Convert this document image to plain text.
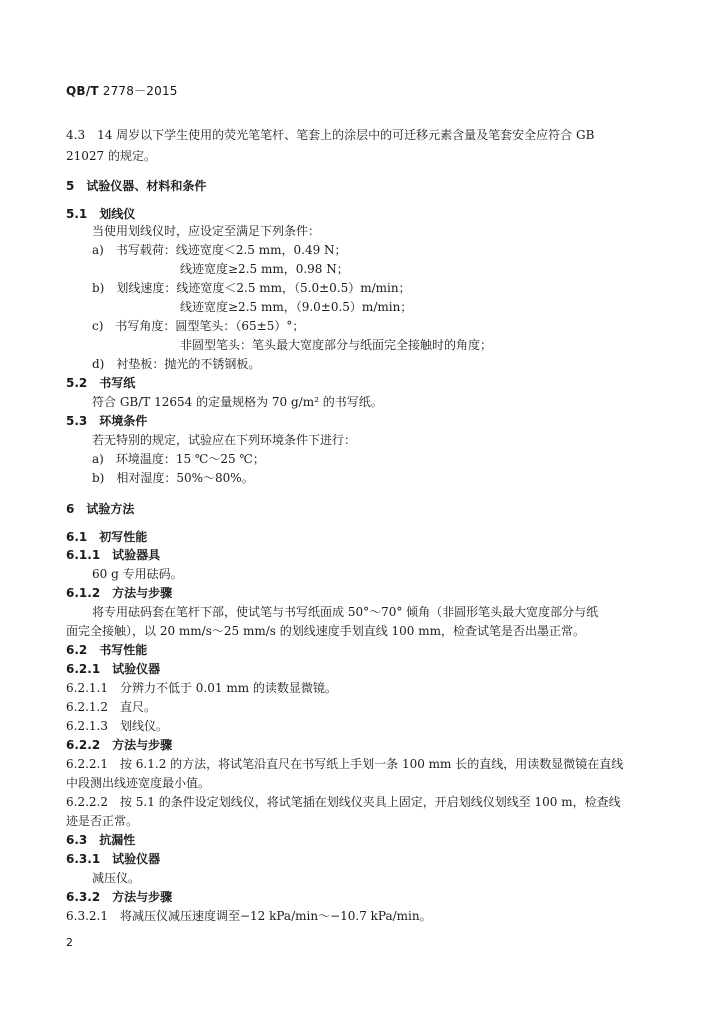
QB/T 2778－2015
4.3　14 周岁以下学生使用的荧光笔笔杆、笔套上的涂层中的可迁移元素含量及笔套安全应符合 GB
21027 的规定。
5　试验仪器、材料和条件
5.1　划线仪
当使用划线仪时，应设定至满足下列条件：
a)　书写载荷：线迹宽度＜2.5 mm，0.49 N；
线迹宽度≥2.5 mm，0.98 N；
b)　划线速度：线迹宽度＜2.5 mm，（5.0±0.5）m/min；
线迹宽度≥2.5 mm，（9.0±0.5）m/min；
c)　书写角度：圆型笔头：（65±5）°；
非圆型笔头：笔头最大宽度部分与纸面完全接触时的角度；
d)　衬垫板：抛光的不锈钢板。
5.2　书写纸
符合 GB/T 12654 的定量规格为 70 g/m² 的书写纸。
5.3　环境条件
若无特别的规定，试验应在下列环境条件下进行：
a)　环境温度：15 ℃～25 ℃；
b)　相对湿度：50%～80%。
6　试验方法
6.1　初写性能
6.1.1　试验器具
60 g 专用砝码。
6.1.2　方法与步骤
将专用砝码套在笔杆下部，使试笔与书写纸面成 50°～70° 倾角（非圆形笔头最大宽度部分与纸
面完全接触），以 20 mm/s～25 mm/s 的划线速度手划直线 100 mm，检查试笔是否出墨正常。
6.2　书写性能
6.2.1　试验仪器
6.2.1.1　分辨力不低于 0.01 mm 的读数显微镜。
6.2.1.2　直尺。
6.2.1.3　划线仪。
6.2.2　方法与步骤
6.2.2.1　按 6.1.2 的方法，将试笔沿直尺在书写纸上手划一条 100 mm 长的直线，用读数显微镜在直线
中段测出线迹宽度最小值。
6.2.2.2　按 5.1 的条件设定划线仪，将试笔插在划线仪夹具上固定，开启划线仪划线至 100 m，检查线
迹是否正常。
6.3　抗漏性
6.3.1　试验仪器
减压仪。
6.3.2　方法与步骤
6.3.2.1　将减压仪减压速度调至−12 kPa/min～−10.7 kPa/min。
2
